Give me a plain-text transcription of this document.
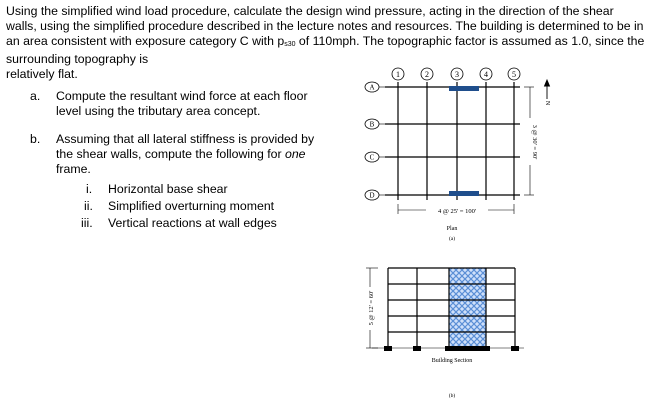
Using the simplified wind load procedure, calculate the design wind pressure, acting in the direction of the shear walls, using the simplified procedure described in the lecture notes and resources. The building is determined to be in an area consistent with exposure category C with ps30 of 110mph. The topographic factor is assumed as 1.0, since the surrounding topography is
relatively flat.
a. Compute the resultant wind force at each floor
level using the tributary area concept.
b. Assuming that all lateral stiffness is provided by
the shear walls, compute the following for one
frame.
i. Horizontal base shear
ii. Simplified overturning moment
iii. Vertical reactions at wall edges
1	2	3	4	5
A
B
C
D
4 @ 25' = 100'
3 @ 30' = 90'
N
Plan
(a)
5 @ 12' = 60'
Building Section
(b)
